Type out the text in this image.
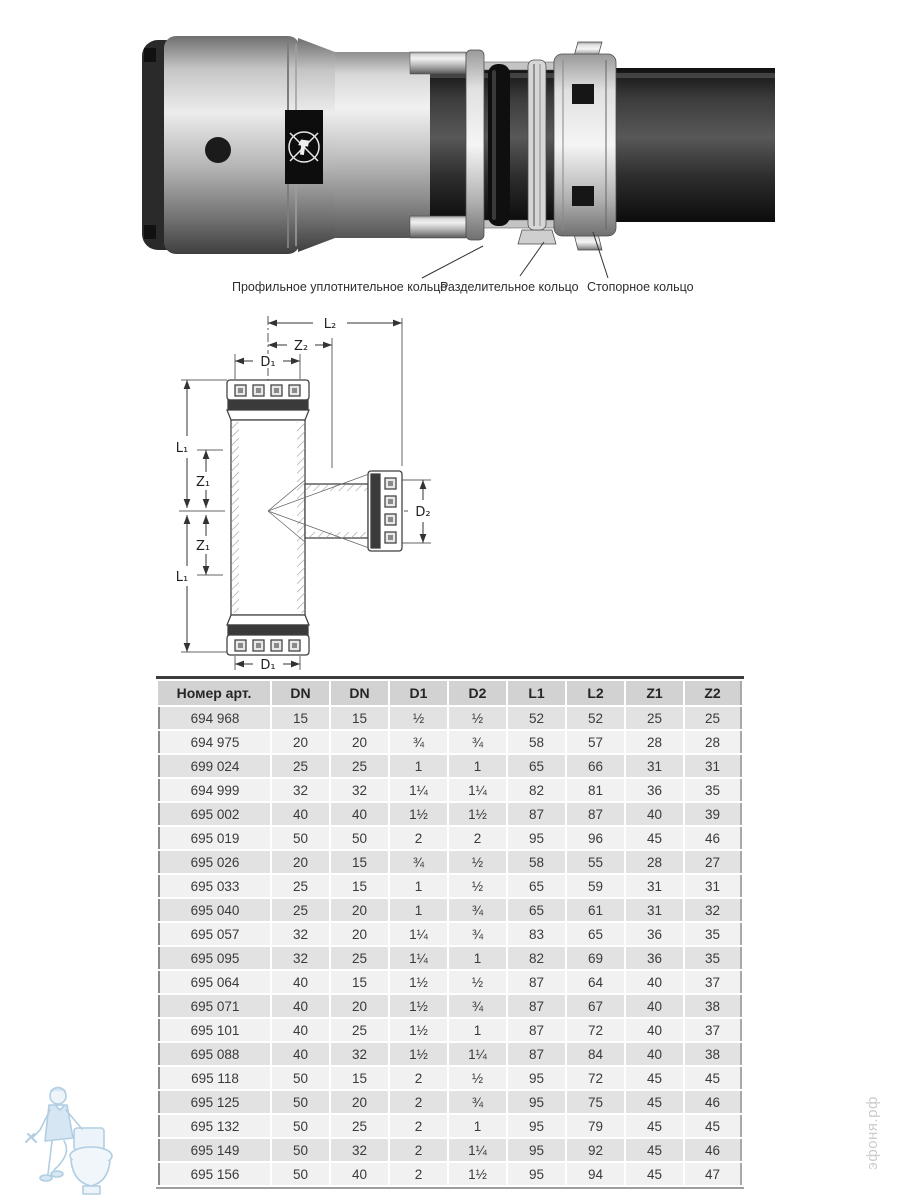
Профильное уплотнительное кольцо
Разделительное кольцо Стопорное кольцо
L₂
Z₂
D₁
L₁
Z₁
Z₁
L₁
D₂
D₁
Номер арт.	DN	DN	D1	D2	L1	L2	Z1	Z2
694 968	15	15	½	½	52	52	25	25
694 975	20	20	¾	¾	58	57	28	28
699 024	25	25	1	1	65	66	31	31
694 999	32	32	1¼	1¼	82	81	36	35
695 002	40	40	1½	1½	87	87	40	39
695 019	50	50	2	2	95	96	45	46
695 026	20	15	¾	½	58	55	28	27
695 033	25	15	1	½	65	59	31	31
695 040	25	20	1	¾	65	61	31	32
695 057	32	20	1¼	¾	83	65	36	35
695 095	32	25	1¼	1	82	69	36	35
695 064	40	15	1½	½	87	64	40	37
695 071	40	20	1½	¾	87	67	40	38
695 101	40	25	1½	1	87	72	40	37
695 088	40	32	1½	1¼	87	84	40	38
695 118	50	15	2	½	95	72	45	45
695 125	50	20	2	¾	95	75	45	46
695 132	50	25	2	1	95	79	45	45
695 149	50	32	2	1¼	95	92	45	46
695 156	50	40	2	1½	95	94	45	47
эфоня.рф
